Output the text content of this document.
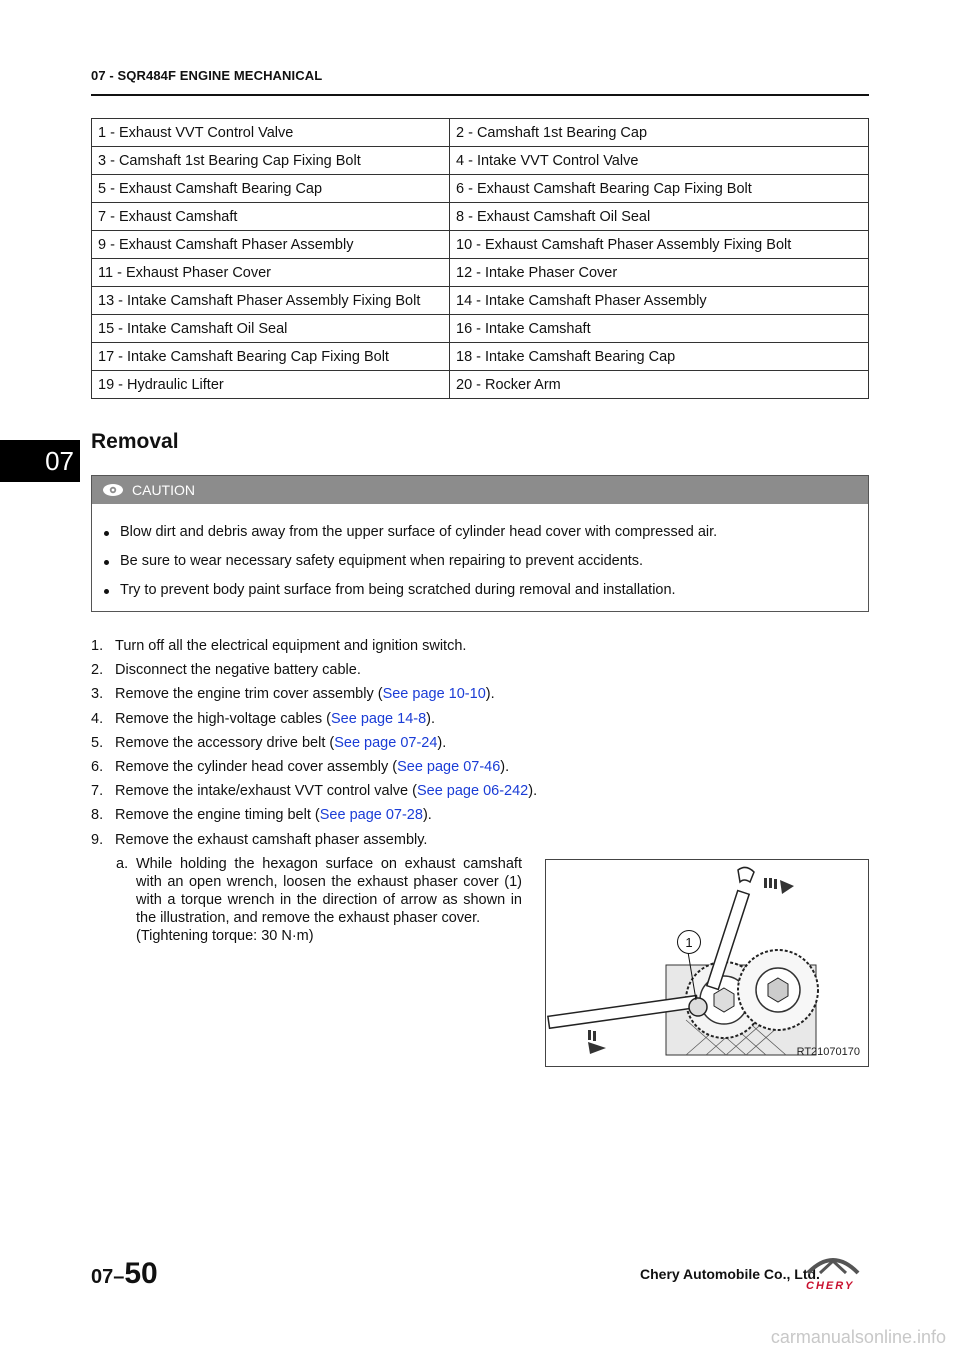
07 - SQR484F ENGINE MECHANICAL
07
1 - Exhaust VVT Control Valve	2 - Camshaft 1st Bearing Cap
3 - Camshaft 1st Bearing Cap Fixing Bolt	4 - Intake VVT Control Valve
5 - Exhaust Camshaft Bearing Cap	6 - Exhaust Camshaft Bearing Cap Fixing Bolt
7 - Exhaust Camshaft	8 - Exhaust Camshaft Oil Seal
9 - Exhaust Camshaft Phaser Assembly	10 - Exhaust Camshaft Phaser Assembly Fixing Bolt
11 - Exhaust Phaser Cover	12 - Intake Phaser Cover
13 - Intake Camshaft Phaser Assembly Fixing Bolt	14 - Intake Camshaft Phaser Assembly
15 - Intake Camshaft Oil Seal	16 - Intake Camshaft
17 - Intake Camshaft Bearing Cap Fixing Bolt	18 - Intake Camshaft Bearing Cap
19 - Hydraulic Lifter	20 - Rocker Arm
Removal
CAUTION
Blow dirt and debris away from the upper surface of cylinder head cover with compressed air.
Be sure to wear necessary safety equipment when repairing to prevent accidents.
Try to prevent body paint surface from being scratched during removal and installation.
1. Turn off all the electrical equipment and ignition switch.
2. Disconnect the negative battery cable.
3. Remove the engine trim cover assembly (See page 10-10).
4. Remove the high-voltage cables (See page 14-8).
5. Remove the accessory drive belt (See page 07-24).
6. Remove the cylinder head cover assembly (See page 07-46).
7. Remove the intake/exhaust VVT control valve (See page 06-242).
8. Remove the engine timing belt (See page 07-28).
9. Remove the exhaust camshaft phaser assembly.
a. While holding the hexagon surface on exhaust camshaft with an open wrench, loosen the exhaust phaser cover (1) with a torque wrench in the direction of arrow as shown in the illustration, and remove the exhaust phaser cover.
(Tightening torque: 30 N·m)	1
RT21070170
07–50	Chery Automobile Co., Ltd.
CHERY
carmanualsonline.info
